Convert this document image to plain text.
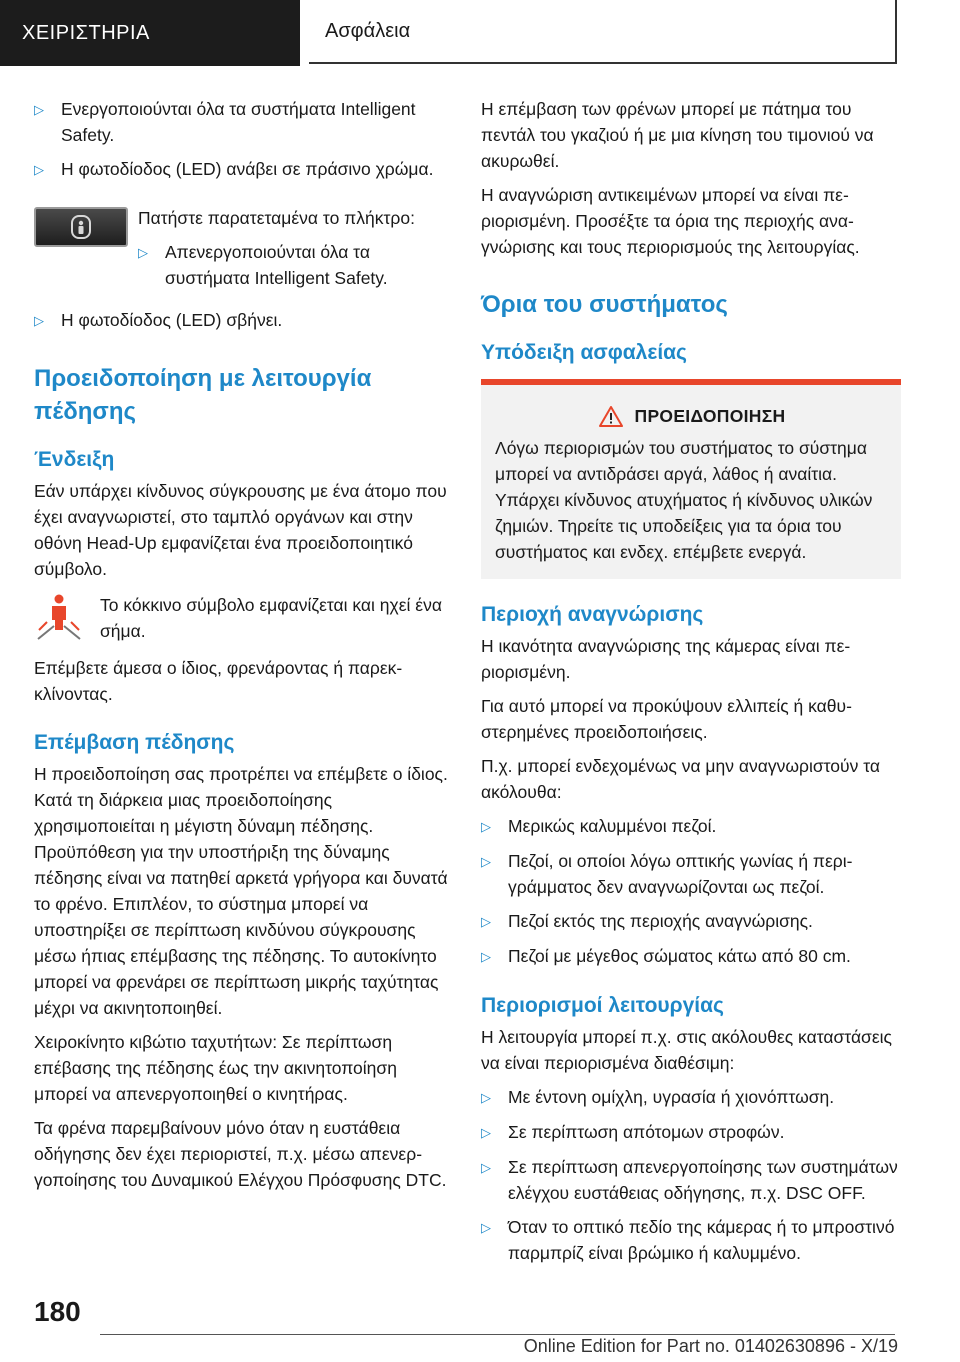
ΧΕΙΡΙΣΤΗΡΙΑ	Ασφάλεια
▷ Ενεργοποιούνται όλα τα συστήματα Intelligent Safety.
▷ Η φωτοδίοδος (LED) ανάβει σε πράσινο χρώμα.

Πατήστε παρατεταμένα το πλήκτρο:

▷ Απενεργοποιούνται όλα τα συστήματα Intelligent Safety.
▷ Η φωτοδίοδος (LED) σβήνει.
Προειδοποίηση με λειτουργία πέδησης
Ένδειξη

Εάν υπάρχει κίνδυνος σύγκρουσης με ένα άτομο που έχει αναγνωριστεί, στο ταμπλό οργάνων και στην οθόνη Head-Up εμφανίζεται ένα προειδοποιητικό σύμβολο.

Το κόκκινο σύμβολο εμφανίζεται και ηχεί ένα σήμα.

Επέμβετε άμεσα ο ίδιος, φρενάροντας ή παρεκκλίνοντας.

Επέμβαση πέδησης

Η προειδοποίηση σας προτρέπει να επέμβετε ο ίδιος. Κατά τη διάρκεια μιας προειδοποίησης χρησιμοποιείται η μέγιστη δύναμη πέδησης. Προϋπόθεση για την υποστήριξη της δύναμης πέδησης είναι να πατηθεί αρκετά γρήγορα και δυνατά το φρένο. Επιπλέον, το σύστημα μπορεί να υποστηρίξει σε περίπτωση κινδύνου σύγκρουσης μέσω ήπιας επέμβασης της πέδησης. Το αυτοκίνητο μπορεί να φρενάρει σε περίπτωση μικρής ταχύτητας μέχρι να ακινητοποιηθεί.

Χειροκίνητο κιβώτιο ταχυτήτων: Σε περίπτωση επέβασης της πέδησης έως την ακινητοποίηση μπορεί να απενεργοποιηθεί ο κινητήρας.

Τα φρένα παρεμβαίνουν μόνο όταν η ευστάθεια οδήγησης δεν έχει περιοριστεί, π.χ. μέσω απενεργοποίησης του Δυναμικού Ελέγχου Πρόσφυσης DTC.

Η επέμβαση των φρένων μπορεί με πάτημα του πεντάλ του γκαζιού ή με μια κίνηση του τιμονιού να ακυρωθεί.

Η αναγνώριση αντικειμένων μπορεί να είναι περιορισμένη. Προσέξτε τα όρια της περιοχής αναγνώρισης και τους περιορισμούς της λειτουργίας.

Όρια του συστήματος
Υπόδειξη ασφαλείας
ΠΡΟΕΙΔΟΠΟΙΗΣΗ
Λόγω περιορισμών του συστήματος το σύστημα μπορεί να αντιδράσει αργά, λάθος ή αναίτια. Υπάρχει κίνδυνος ατυχήματος ή κίνδυνος υλικών ζημιών. Τηρείτε τις υποδείξεις για τα όρια του συστήματος και ενδεχ. επέμβετε ενεργά.
Περιοχή αναγνώρισης

Η ικανότητα αναγνώρισης της κάμερας είναι περιορισμένη.

Για αυτό μπορεί να προκύψουν ελλιπείς ή καθυστερημένες προειδοποιήσεις.

Π.χ. μπορεί ενδεχομένως να μην αναγνωριστούν τα ακόλουθα:

▷ Μερικώς καλυμμένοι πεζοί.
▷ Πεζοί, οι οποίοι λόγω οπτικής γωνίας ή περιγράμματος δεν αναγνωρίζονται ως πεζοί.
▷ Πεζοί εκτός της περιοχής αναγνώρισης.
▷ Πεζοί με μέγεθος σώματος κάτω από 80 cm.
Περιορισμοί λειτουργίας

Η λειτουργία μπορεί π.χ. στις ακόλουθες καταστάσεις να είναι περιορισμένα διαθέσιμη:

▷ Με έντονη ομίχλη, υγρασία ή χιονόπτωση.
▷ Σε περίπτωση απότομων στροφών.
▷ Σε περίπτωση απενεργοποίησης των συστημάτων ελέγχου ευστάθειας οδήγησης, π.χ. DSC OFF.
▷ Όταν το οπτικό πεδίο της κάμερας ή το μπροστινό παρμπρίζ είναι βρώμικο ή καλυμμένο.
180
Online Edition for Part no. 01402630896 - X/19
